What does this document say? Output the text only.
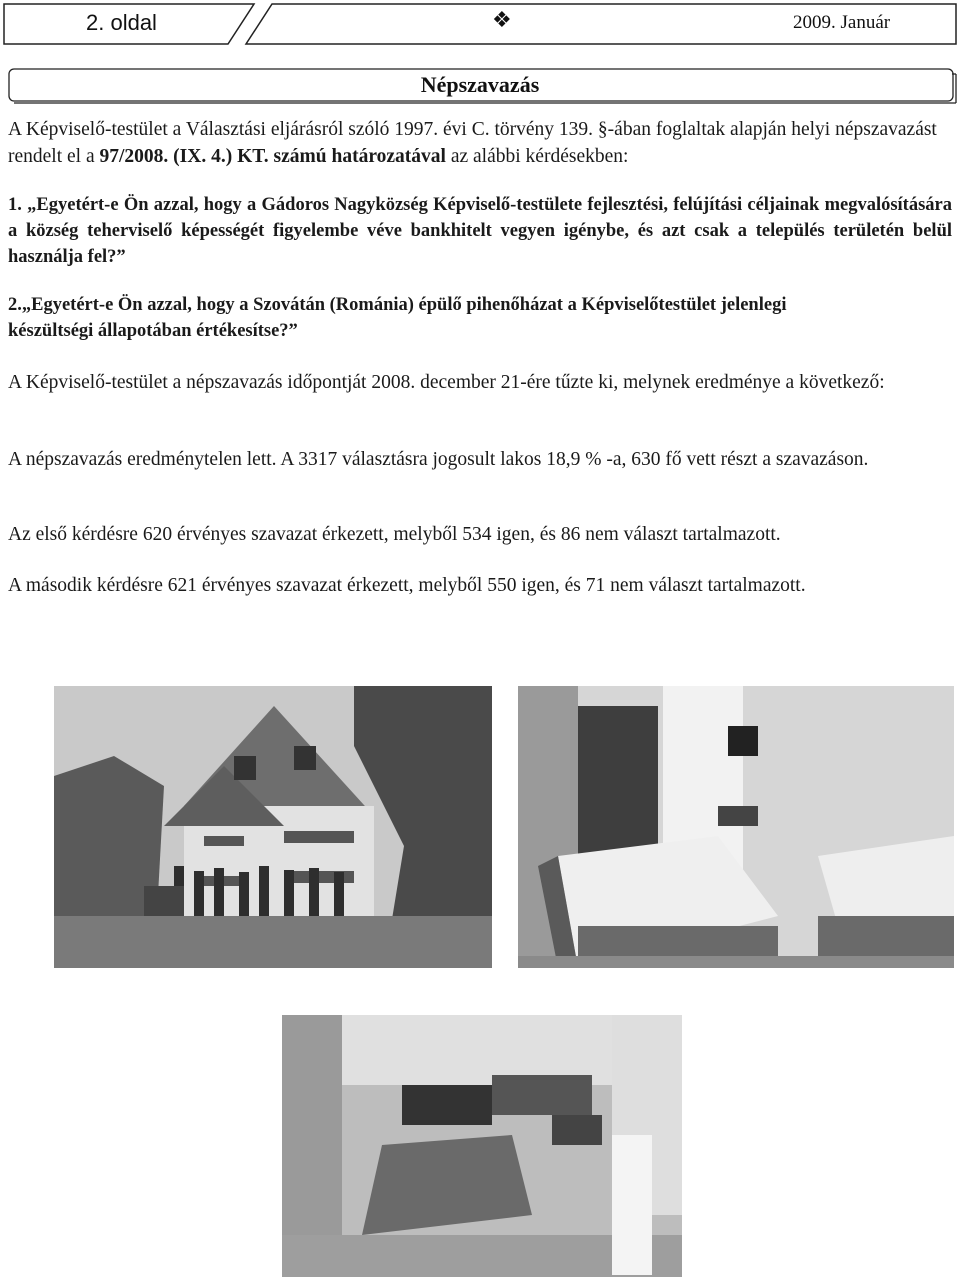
2. oldal	❖	2009. Január
Népszavazás
A Képviselő-testület a Választási eljárásról szóló 1997. évi C. törvény 139. §-ában foglaltak alapján helyi népszavazást rendelt el a 97/2008. (IX. 4.) KT. számú határozatával az alábbi kérdésekben:
1. „Egyetért-e Ön azzal, hogy a Gádoros Nagyközség Képviselő-testülete fejlesztési, felújítási céljainak megvalósítására a község teherviselő képességét figyelembe véve bankhitelt vegyen igénybe, és azt csak a település területén belül használja fel?”
2.„Egyetért-e Ön azzal, hogy a Szovátán (Románia) épülő pihenőházat a Képviselőtestület jelenlegi készültségi állapotában értékesítse?”
A Képviselő-testület a népszavazás időpontját 2008. december 21-ére tűzte ki, melynek eredménye a következő:
A népszavazás eredménytelen lett. A 3317 választásra jogosult lakos 18,9 % -a, 630 fő vett részt a szavazáson.
Az első kérdésre 620 érvényes szavazat érkezett, melyből 534 igen, és 86 nem választ tartalmazott.
A második kérdésre 621 érvényes szavazat érkezett, melyből 550 igen, és 71 nem választ tartalmazott.
